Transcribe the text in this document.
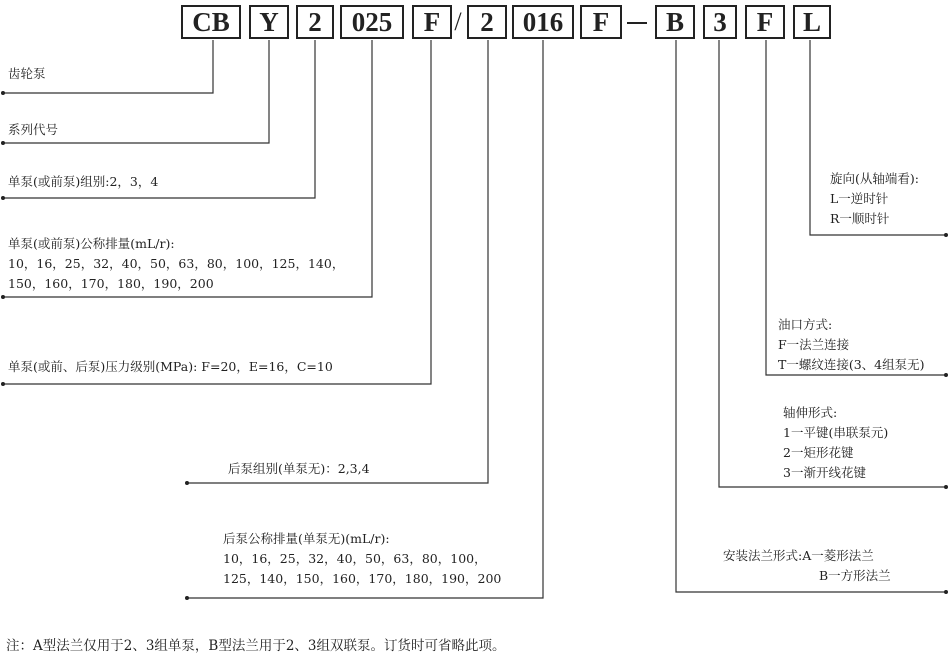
CB	Y	2	025	F / 2	016	F	B	3	F	L
齿轮泵
系列代号
单泵(或前泵)组别:2，3，4
单泵(或前泵)公称排量(mL/r):
10，16，25，32，40，50，63，80，100，125，140，
150，160，170，180，190，200
单泵(或前、后泵)压力级别(MPa): F=20，E=16，C=10
后泵组别(单泵无)：2,3,4
后泵公称排量(单泵无)(mL/r):
10，16，25，32，40，50，63，80，100，
125，140，150，160，170，180，190，200
旋向(从轴端看):
L一逆时针
R一顺时针
油口方式:
F一法兰连接
T一螺纹连接(3、4组泵无)
轴伸形式:
1一平键(串联泵元)
2一矩形花键
3一渐开线花键
安装法兰形式:A一菱形法兰
B一方形法兰
注：A型法兰仅用于2、3组单泵，B型法兰用于2、3组双联泵。订货时可省略此项。
